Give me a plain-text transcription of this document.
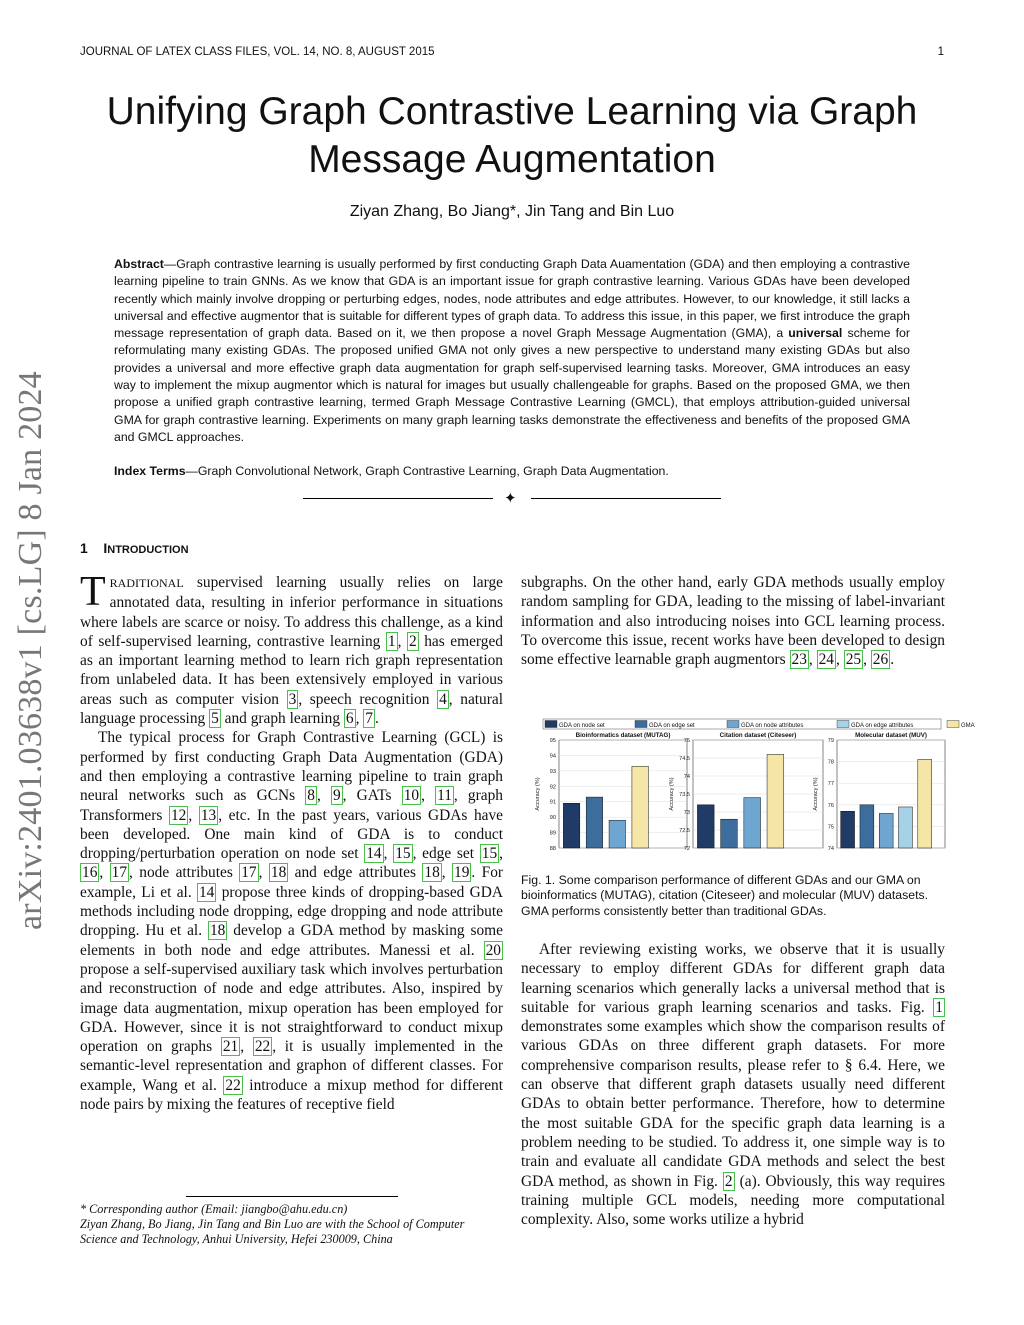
JOURNAL OF LATEX CLASS FILES, VOL. 14, NO. 8, AUGUST 2015	1
Unifying Graph Contrastive Learning via Graph Message Augmentation
Ziyan Zhang, Bo Jiang*, Jin Tang and Bin Luo
Abstract—Graph contrastive learning is usually performed by first conducting Graph Data Auamentation (GDA) and then employing a contrastive learning pipeline to train GNNs. As we know that GDA is an important issue for graph contrastive learning. Various GDAs have been developed recently which mainly involve dropping or perturbing edges, nodes, node attributes and edge attributes. However, to our knowledge, it still lacks a universal and effective augmentor that is suitable for different types of graph data. To address this issue, in this paper, we first introduce the graph message representation of graph data. Based on it, we then propose a novel Graph Message Augmentation (GMA), a universal scheme for reformulating many existing GDAs. The proposed unified GMA not only gives a new perspective to understand many existing GDAs but also provides a universal and more effective graph data augmentation for graph self-supervised learning tasks. Moreover, GMA introduces an easy way to implement the mixup augmentor which is natural for images but usually challengeable for graphs. Based on the proposed GMA, we then propose a unified graph contrastive learning, termed Graph Message Contrastive Learning (GMCL), that employs attribution-guided universal GMA for graph contrastive learning. Experiments on many graph learning tasks demonstrate the effectiveness and benefits of the proposed GMA and GMCL approaches.
Index Terms—Graph Convolutional Network, Graph Contrastive Learning, Graph Data Augmentation.
✦
arXiv:2401.03638v1 [cs.LG] 8 Jan 2024 1 INTRODUCTION

TRADITIONAL supervised learning usually relies on large annotated data, resulting in inferior performance in situations where labels are scarce or noisy. To address this challenge, as a kind of self-supervised learning, contrastive learning 1 , 2 has emerged as an important learning method to learn rich graph representation from unlabeled data. It has been extensively employed in various areas such as computer vision 3 , speech recognition 4 , natural language processing 5 and graph learning 6 , 7 .

The typical process for Graph Contrastive Learning (GCL) is performed by first conducting Graph Data Augmentation (GDA) and then employing a contrastive learning pipeline to train graph neural networks such as GCNs 8 , 9 , GATs 10 , 11 , graph Transformers 12 , 13 , etc. In the past years, various GDAs have been developed. One main kind of GDA is to conduct dropping/perturbation operation on node set 14 , 15 , edge set 15 , 16 , 17 , node attributes 17 , 18 and edge attributes 18 , 19 . For example, Li et al. 14 propose three kinds of dropping-based GDA methods including node dropping, edge dropping and node attribute dropping. Hu et al. 18 develop a GDA method by masking some elements in both node and edge attributes. Manessi et al. 20 propose a self-supervised auxiliary task which involves perturbation and reconstruction of node and edge attributes. Also, inspired by image data augmentation, mixup operation has been employed for GDA. However, since it is not straightforward to conduct mixup operation on graphs 21 , 22 , it is usually implemented in the semantic-level representation and graphon of different classes. For example, Wang et al. 22 introduce a mixup method for different node pairs by mixing the features of receptive field

subgraphs. On the other hand, early GDA methods usually employ random sampling for GDA, leading to the missing of label-invariant information and also introducing noises into GCL learning process. To overcome this issue, recent works have been developed to design some effective learnable graph augmentors 23 , 24 , 25 , 26 .

GDA on node set	GDA on edge set	GDA on node attributes	GDA on edge attributes	GMA
Bioinformatics dataset (MUTAG)
88
89
90
91
92
93
94
95
Accuracy (%)
Citation dataset (Citeseer)
72
72.5
73
73.5
74
74.5
75
Accuracy (%)
Molecular dataset (MUV)
74
75
76
77
78
79
Accuracy (%)
Fig. 1. Some comparison performance of different GDAs and our GMA on bioinformatics (MUTAG), citation (Citeseer) and molecular (MUV) datasets. GMA performs consistently better than traditional GDAs.

After reviewing existing works, we observe that it is usually necessary to employ different GDAs for different graph data learning scenarios which generally lacks a universal method that is suitable for various graph learning scenarios and tasks. Fig. 1 demonstrates some examples which show the comparison results of various GDAs on three different graph datasets. For more comprehensive comparison results, please refer to § 6.4. Here, we can observe that different graph datasets usually need different GDAs to obtain better performance. Therefore, how to determine the most suitable GDA for the specific graph data learning is a problem needing to be studied. To address it, one simple way is to train and evaluate all candidate GDA methods and select the best GDA method, as shown in Fig. 2 (a). Obviously, this way requires training multiple GCL models, needing more computational complexity. Also, some works utilize a hybrid

* Corresponding author (Email: jiangbo@ahu.edu.cn)
Ziyan Zhang, Bo Jiang, Jin Tang and Bin Luo are with the School of Computer Science and Technology, Anhui University, Hefei 230009, China
